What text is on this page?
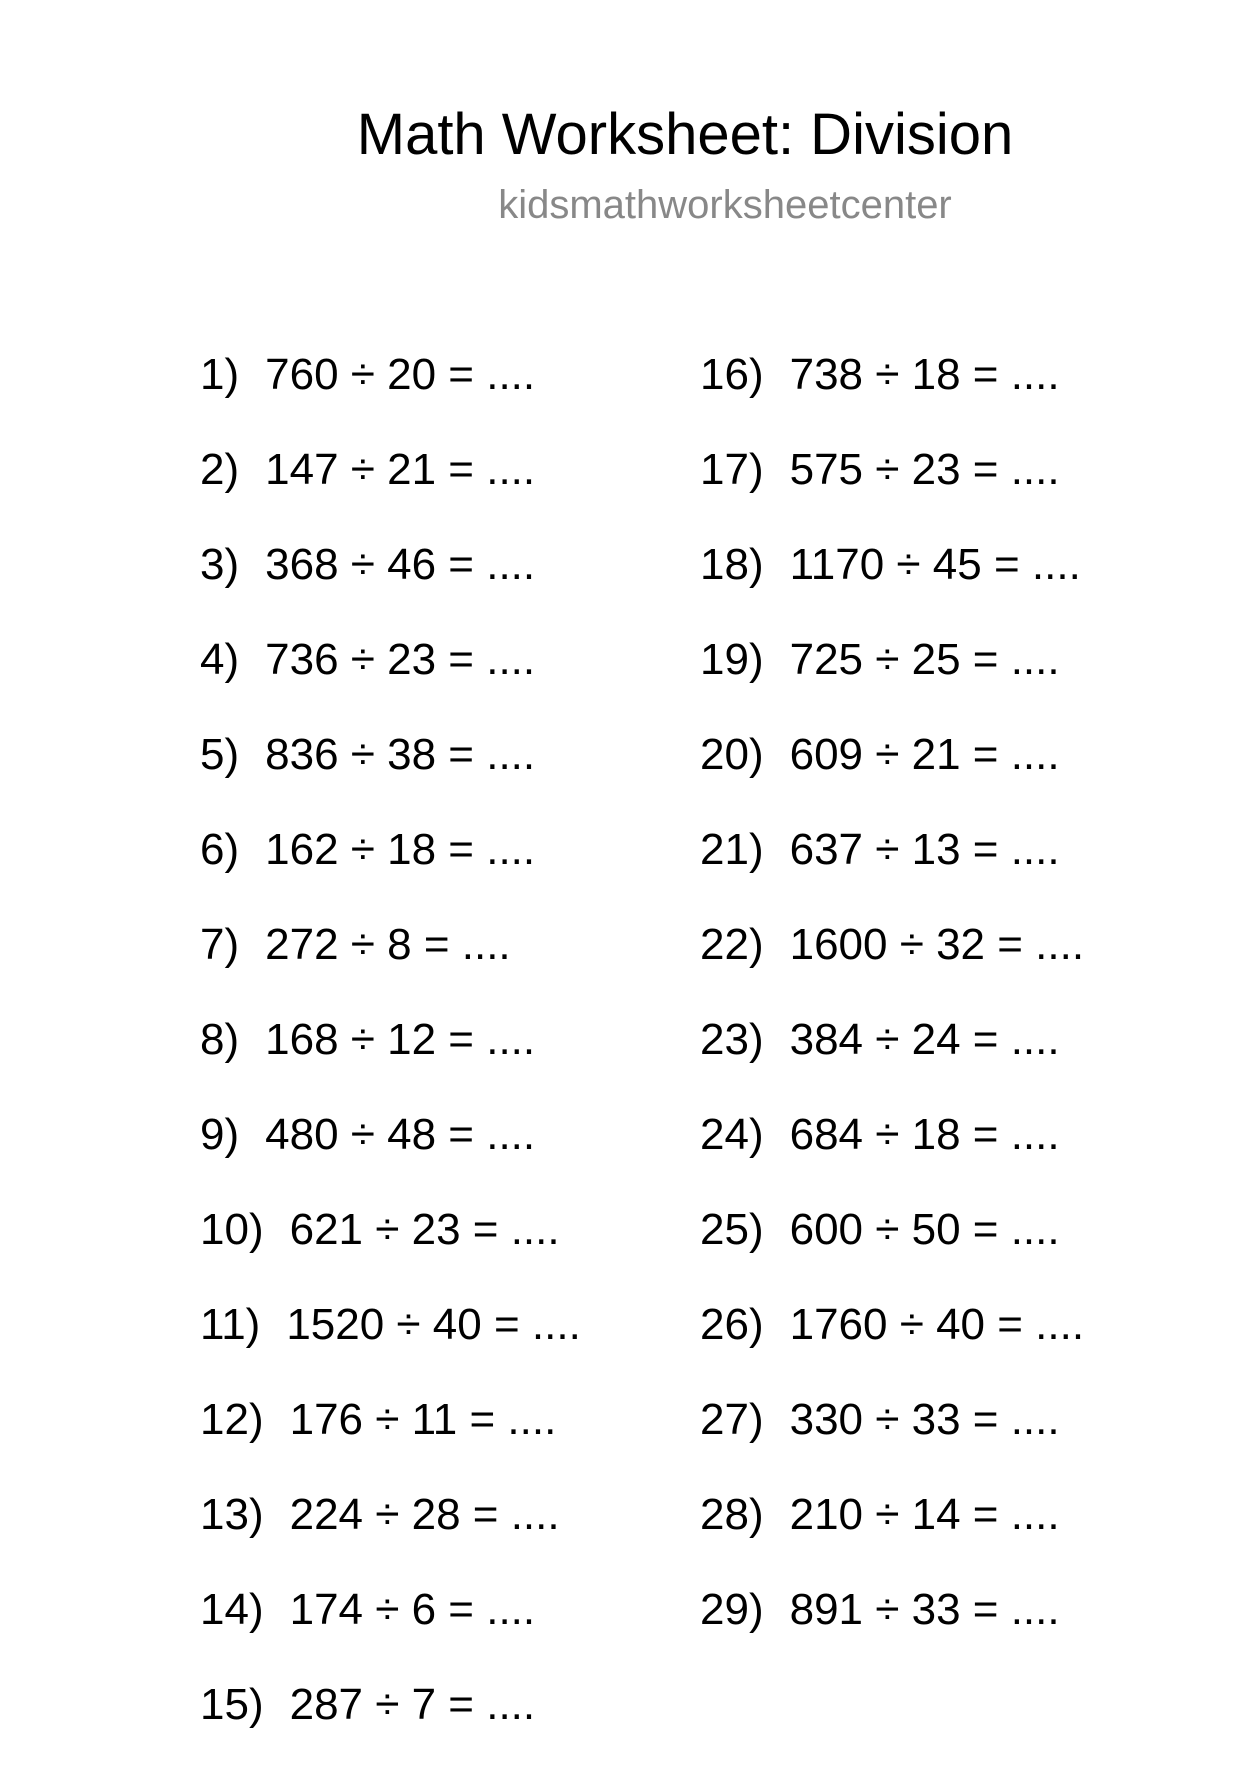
Math Worksheet: Division
kidsmathworksheetcenter
1) 760 ÷ 20 = ....
2) 147 ÷ 21 = ....
3) 368 ÷ 46 = ....
4) 736 ÷ 23 = ....
5) 836 ÷ 38 = ....
6) 162 ÷ 18 = ....
7) 272 ÷ 8 = ....
8) 168 ÷ 12 = ....
9) 480 ÷ 48 = ....
10) 621 ÷ 23 = ....
11) 1520 ÷ 40 = ....
12) 176 ÷ 11 = ....
13) 224 ÷ 28 = ....
14) 174 ÷ 6 = ....
15) 287 ÷ 7 = ....
16) 738 ÷ 18 = ....
17) 575 ÷ 23 = ....
18) 1170 ÷ 45 = ....
19) 725 ÷ 25 = ....
20) 609 ÷ 21 = ....
21) 637 ÷ 13 = ....
22) 1600 ÷ 32 = ....
23) 384 ÷ 24 = ....
24) 684 ÷ 18 = ....
25) 600 ÷ 50 = ....
26) 1760 ÷ 40 = ....
27) 330 ÷ 33 = ....
28) 210 ÷ 14 = ....
29) 891 ÷ 33 = ....
